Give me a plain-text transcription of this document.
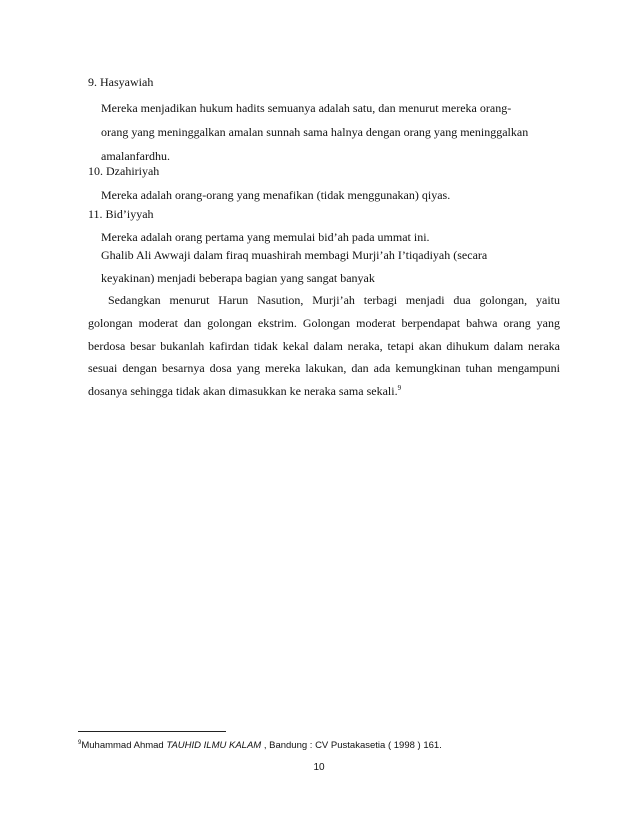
9. Hasyawiah
Mereka menjadikan hukum hadits semuanya adalah satu, dan menurut mereka orang-
orang yang meninggalkan amalan sunnah sama halnya dengan orang yang meninggalkan
amalanfardhu.
10. Dzahiriyah
Mereka adalah orang-orang yang menafikan (tidak menggunakan) qiyas.
11. Bid’iyyah
Mereka adalah orang pertama yang memulai bid’ah pada ummat ini.
Ghalib Ali Awwaji dalam firaq muashirah membagi Murji’ah I’tiqadiyah (secara
keyakinan) menjadi beberapa bagian yang sangat banyak
Sedangkan menurut Harun Nasution, Murji’ah terbagi menjadi dua golongan, yaitu
golongan moderat dan golongan ekstrim. Golongan moderat berpendapat bahwa orang yang
berdosa besar bukanlah kafirdan tidak kekal dalam neraka, tetapi akan dihukum dalam neraka
sesuai dengan besarnya dosa yang mereka lakukan, dan ada kemungkinan tuhan mengampuni
dosanya sehingga tidak akan dimasukkan ke neraka sama sekali.$^9$
$^9$Muhammad Ahmad TAUHID ILMU KALAM , Bandung : CV Pustakasetia ( 1998 ) 161.
10
